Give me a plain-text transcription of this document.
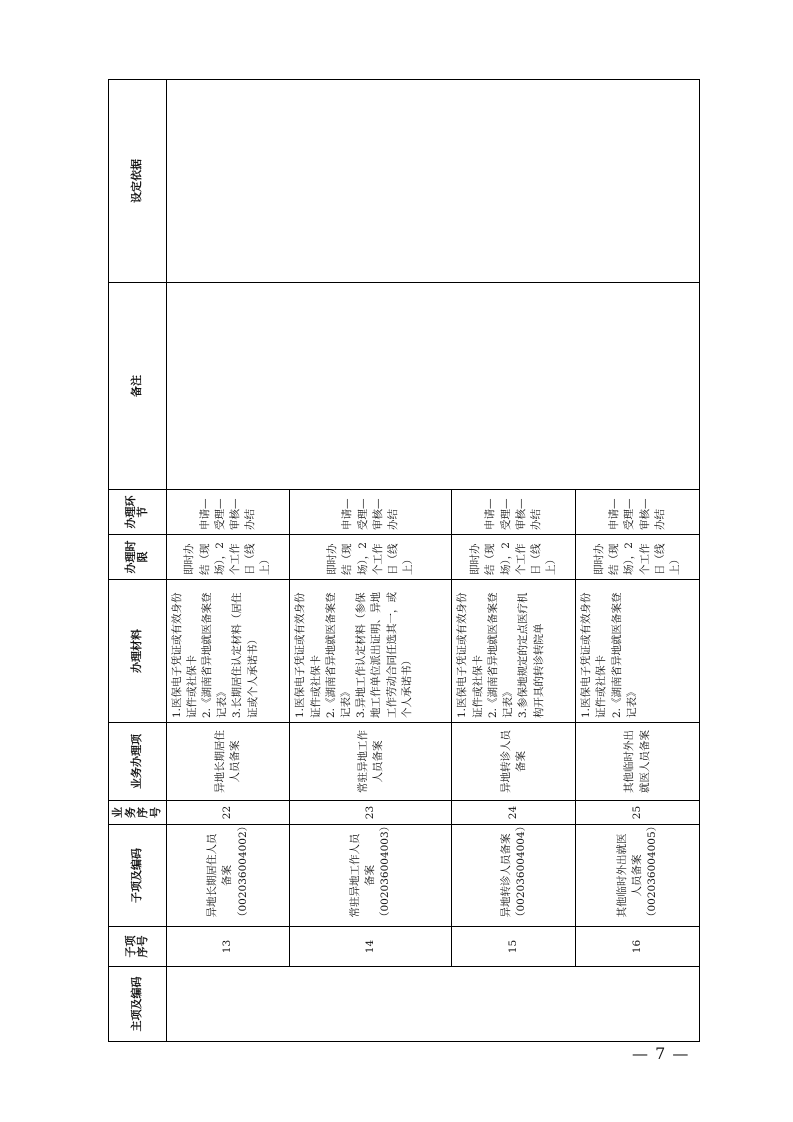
主项及编码	子项序号	子项及编码	业务序号	业务办理项	办理材料	办理时限	办理环节	备注	设定依据
	13	异地长期居住人员备案（002036004002）	22	异地长期居住人员备案	1.医保电子凭证或有效身份证件或社保卡 2.《湖南省异地就医备案登记表》 3.长期居住认定材料（居住证或个人承诺书）	即时办结（现场），2个工作日（线上）	申请—受理—审核—办结		
	14	常驻异地工作人员备案（002036004003）	23	常驻异地工作人员备案	1.医保电子凭证或有效身份证件或社保卡 2.《湖南省异地就医备案登记表》 3.异地工作认定材料（参保地工作单位派出证明、异地工作劳动合同任选其一，或个人承诺书）	即时办结（现场），2个工作日（线上）	申请—受理—审核—办结		
	15	异地转诊人员备案（002036004004）	24	异地转诊人员备案	1.医保电子凭证或有效身份证件或社保卡 2.《湖南省异地就医备案登记表》 3.参保地规定的定点医疗机构开具的转诊转院单	即时办结（现场），2个工作日（线上）	申请—受理—审核—办结		
	16	其他临时外出就医人员备案（002036004005）	25	其他临时外出就医人员备案	1.医保电子凭证或有效身份证件或社保卡 2.《湖南省异地就医备案登记表》	即时办结（现场），2个工作日（线上）	申请—受理—审核—办结		
— 7 —
